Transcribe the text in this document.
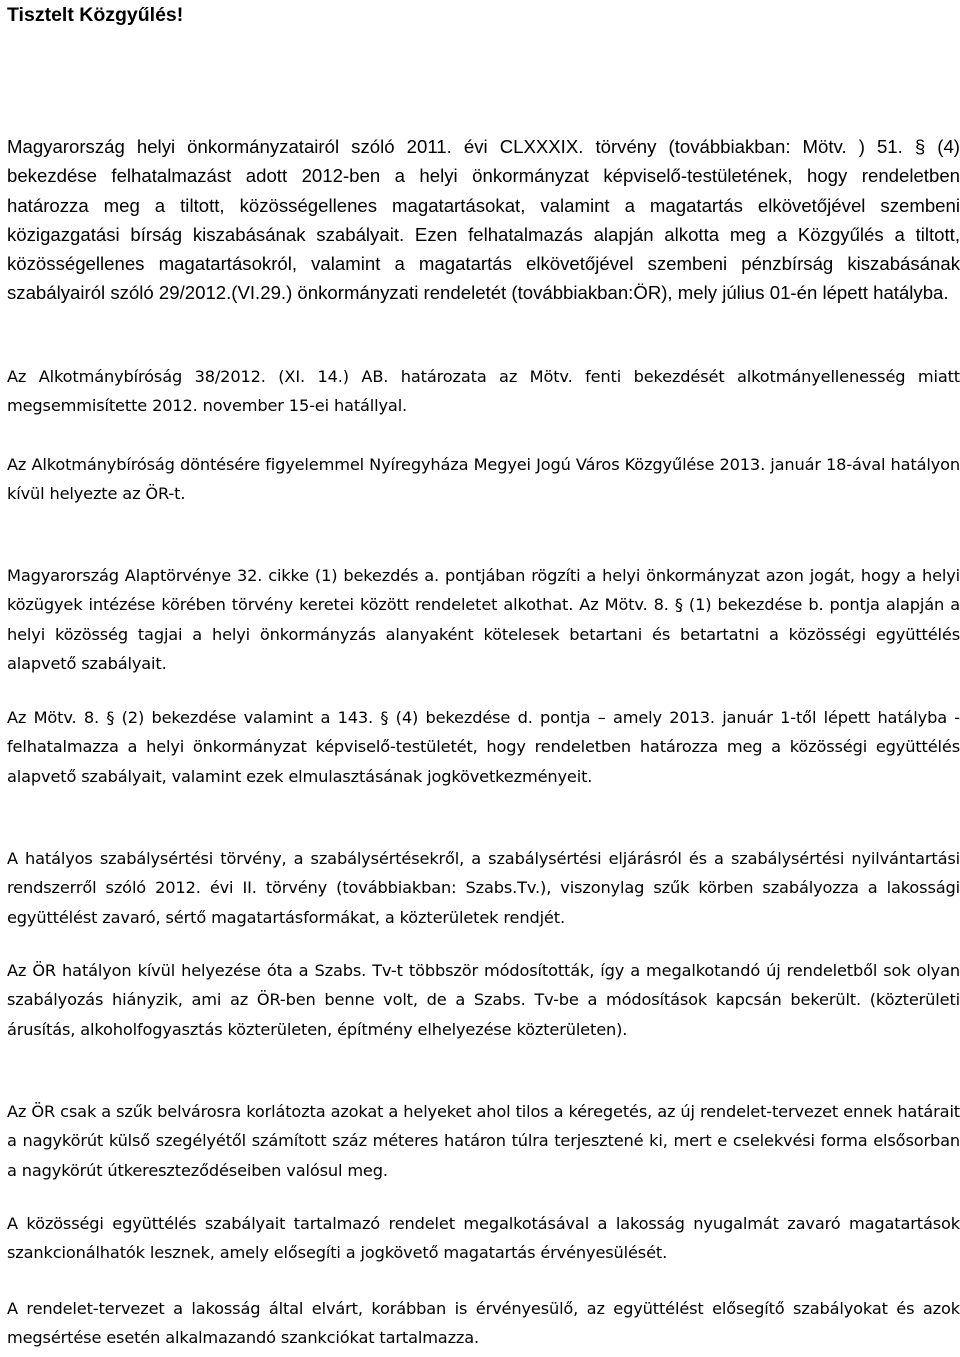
Tisztelt Közgyűlés!

Magyarország helyi önkormányzatairól szóló 2011. évi CLXXXIX. törvény (továbbiakban: Mötv. ) 51. § (4) bekezdése felhatalmazást adott 2012-ben a helyi önkormányzat képviselő-testületének, hogy rendeletben határozza meg a tiltott, közösségellenes magatartásokat, valamint a magatartás elkövetőjével szembeni közigazgatási bírság kiszabásának szabályait. Ezen felhatalmazás alapján alkotta meg a Közgyűlés a tiltott, közösségellenes magatartásokról, valamint a magatartás elkövetőjével szembeni pénzbírság kiszabásának szabályairól szóló 29/2012.(VI.29.) önkormányzati rendeletét (továbbiakban:ÖR), mely július 01-én lépett hatályba.

Az Alkotmánybíróság 38/2012. (XI. 14.) AB. határozata az Mötv. fenti bekezdését alkotmányellenesség miatt megsemmisítette 2012. november 15-ei hatállyal.

Az Alkotmánybíróság döntésére figyelemmel Nyíregyháza Megyei Jogú Város Közgyűlése 2013. január 18-ával hatályon kívül helyezte az ÖR-t.

Magyarország Alaptörvénye 32. cikke (1) bekezdés a. pontjában rögzíti a helyi önkormányzat azon jogát, hogy a helyi közügyek intézése körében törvény keretei között rendeletet alkothat. Az Mötv. 8. § (1) bekezdése b. pontja alapján a helyi közösség tagjai a helyi önkormányzás alanyaként kötelesek betartani és betartatni a közösségi együttélés alapvető szabályait.

Az Mötv. 8. § (2) bekezdése valamint a 143. § (4) bekezdése d. pontja – amely 2013. január 1-től lépett hatályba - felhatalmazza a helyi önkormányzat képviselő-testületét, hogy rendeletben határozza meg a közösségi együttélés alapvető szabályait, valamint ezek elmulasztásának jogkövetkezményeit.

A hatályos szabálysértési törvény, a szabálysértésekről, a szabálysértési eljárásról és a szabálysértési nyilvántartási rendszerről szóló 2012. évi II. törvény (továbbiakban: Szabs.Tv.), viszonylag szűk körben szabályozza a lakossági együttélést zavaró, sértő magatartásformákat, a közterületek rendjét.

Az ÖR hatályon kívül helyezése óta a Szabs. Tv-t többször módosították, így a megalkotandó új rendeletből sok olyan szabályozás hiányzik, ami az ÖR-ben benne volt, de a Szabs. Tv-be a módosítások kapcsán bekerült. (közterületi árusítás, alkoholfogyasztás közterületen, építmény elhelyezése közterületen).

Az ÖR csak a szűk belvárosra korlátozta azokat a helyeket ahol tilos a kéregetés, az új rendelet-tervezet ennek határait a nagykörút külső szegélyétől számított száz méteres határon túlra terjesztené ki, mert e cselekvési forma elsősorban a nagykörút útkereszteződéseiben valósul meg.

A közösségi együttélés szabályait tartalmazó rendelet megalkotásával a lakosság nyugalmát zavaró magatartások szankcionálhatók lesznek, amely elősegíti a jogkövető magatartás érvényesülését.

A rendelet-tervezet a lakosság által elvárt, korábban is érvényesülő, az együttélést elősegítő szabályokat és azok megsértése esetén alkalmazandó szankciókat tartalmazza.
